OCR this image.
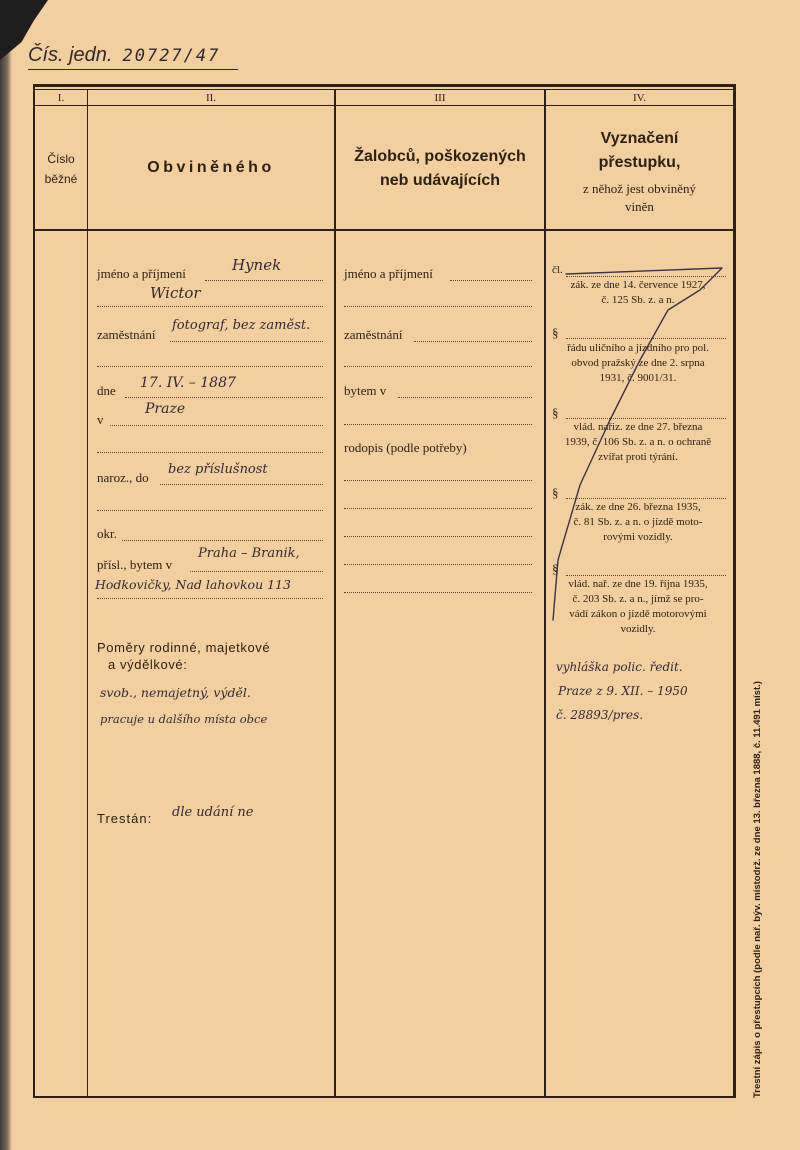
Čís. jedn. 20727/47
I.	II.	III	IV.
Číslo
běžné
Obviněného
Žalobců, poškozených
neb udávajících
Vyznačení
přestupku,
z něhož jest obviněný
viněn
jméno a příjmení	Hynek
Wictor
zaměstnání
fotograf, bez zaměst.
dne 17. IV. – 1887
v
Praze
naroz., do
bez příslušnost
okr.
přísl., bytem v
Praha – Branik,
Hodkovičky, Nad lahovkou 113
Poměry rodinné, majetkové
a výdělkové:
svob., nemajetný, výděl.
pracuje u dalšího místa obce
Trestán: dle udání ne
jméno a příjmení
zaměstnání
bytem v
rodopis (podle potřeby)
čl.
zák. ze dne 14. července 1927,
č. 125 Sb. z. a n.
§
řádu uličního a jízdního pro pol.
obvod pražský ze dne 2. srpna
1931, č. 9001/31.
§
vlád. nařiz. ze dne 27. března
1939, č. 106 Sb. z. a n. o ochraně
zvířat proti týrání.
§
zák. ze dne 26. března 1935,
č. 81 Sb. z. a n. o jízdě moto-
rovými vozidly.
§
vlád. nař. ze dne 19. října 1935,
č. 203 Sb. z. a n., jímž se pro-
vádí zákon o jízdě motorovými
vozidly.
vyhláška polic. ředit.
Praze z 9. XII. – 1950
č. 28893/pres.	Trestní zápis o přestupcích (podle nař. býv. místodrž. ze dne 13. března 1888, č. 11.491 míst.)
